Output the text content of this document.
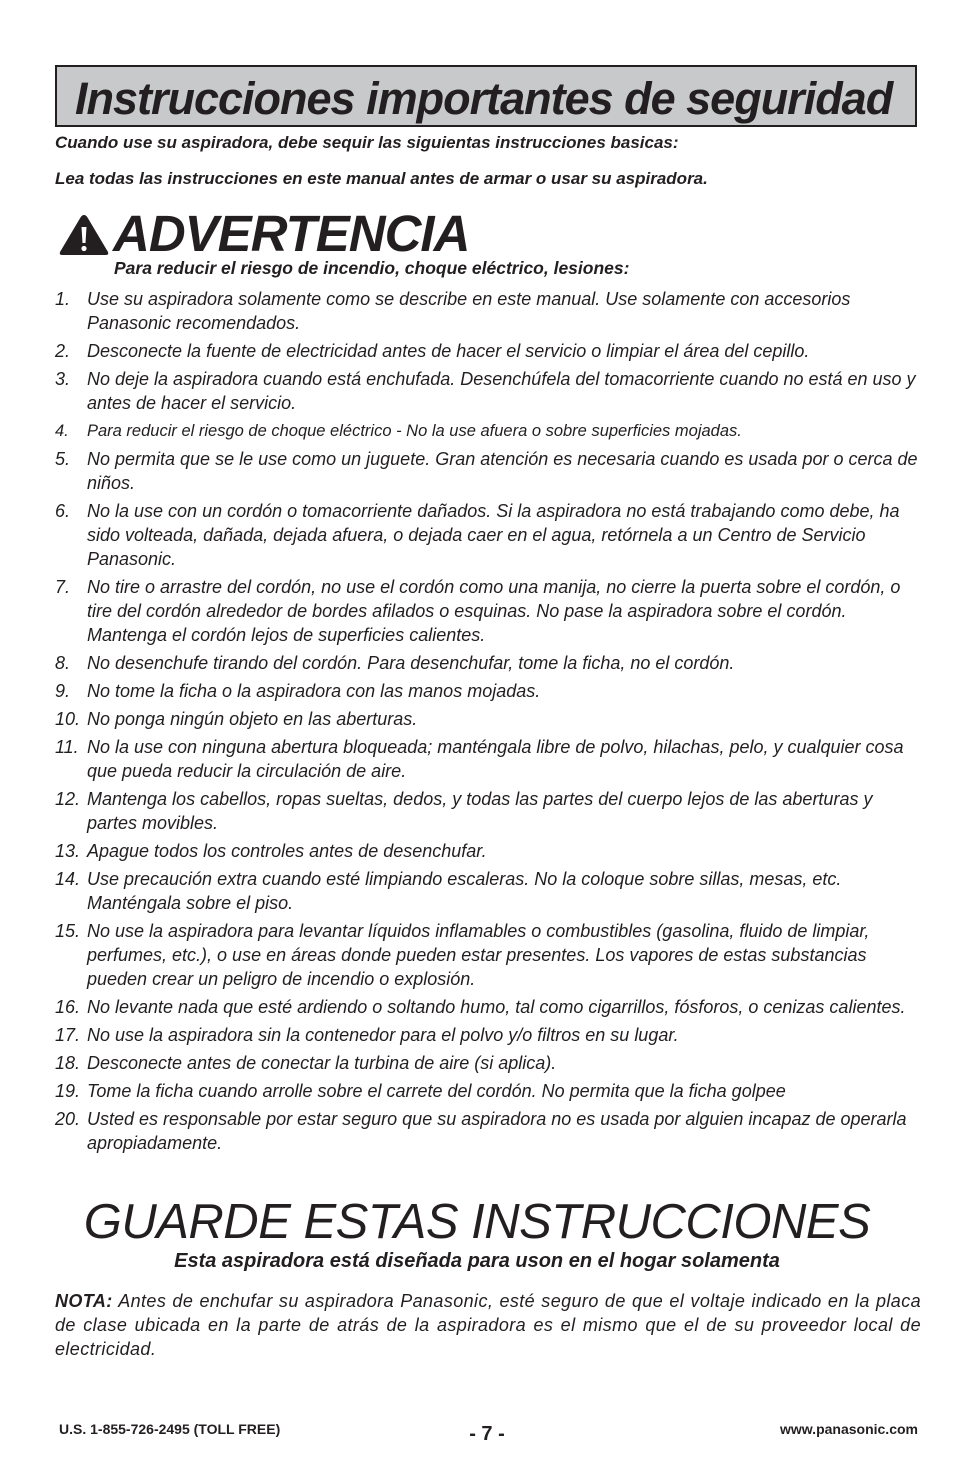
Instrucciones importantes de seguridad
Cuando use su aspiradora, debe sequir las siguientas instrucciones basicas:
Lea todas las instrucciones en este manual antes de armar o usar su aspiradora.
ADVERTENCIA
Para reducir el riesgo de incendio, choque eléctrico, lesiones:
1. Use su aspiradora solamente como se describe en este manual. Use solamente con accesorios Panasonic recomendados.
2. Desconecte la fuente de electricidad antes de hacer el servicio o limpiar el área del cepillo.
3. No deje la aspiradora cuando está enchufada. Desenchúfela del tomacorriente cuando no está en uso y antes de hacer el servicio.
4. Para reducir el riesgo de choque eléctrico - No la use afuera o sobre superficies mojadas.
5. No permita que se le use como un juguete. Gran atención es necesaria cuando es usada por o cerca de niños.
6. No la use con un cordón o tomacorriente dañados. Si la aspiradora no está trabajando como debe, ha sido volteada, dañada, dejada afuera, o dejada caer en el agua, retórnela a un Centro de Servicio Panasonic.
7. No tire o arrastre del cordón, no use el cordón como una manija, no cierre la puerta sobre el cordón, o tire del cordón alrededor de bordes afilados o esquinas. No pase la aspiradora sobre el cordón. Mantenga el cordón lejos de superficies calientes.
8. No desenchufe tirando del cordón. Para desenchufar, tome la ficha, no el cordón.
9. No tome la ficha o la aspiradora con las manos mojadas.
10. No ponga ningún objeto en las aberturas.
11. No la use con ninguna abertura bloqueada; manténgala libre de polvo, hilachas, pelo, y cualquier cosa que pueda reducir la circulación de aire.
12. Mantenga los cabellos, ropas sueltas, dedos, y todas las partes del cuerpo lejos de las aberturas y partes movibles.
13. Apague todos los controles antes de desenchufar.
14. Use precaución extra cuando esté limpiando escaleras. No la coloque sobre sillas, mesas, etc. Manténgala sobre el piso.
15. No use la aspiradora para levantar líquidos inflamables o combustibles (gasolina, fluido de limpiar, perfumes, etc.), o use en áreas donde pueden estar presentes. Los vapores de estas substancias pueden crear un peligro de incendio o explosión.
16. No levante nada que esté ardiendo o soltando humo, tal como cigarrillos, fósforos, o cenizas calientes.
17. No use la aspiradora sin la contenedor para el polvo y/o filtros en su lugar.
18. Desconecte antes de conectar la turbina de aire (si aplica).
19. Tome la ficha cuando arrolle sobre el carrete del cordón. No permita que la ficha golpee
20. Usted es responsable por estar seguro que su aspiradora no es usada por alguien incapaz de operarla apropiadamente.
GUARDE ESTAS INSTRUCCIONES
Esta aspiradora está diseñada para uson en el hogar solamenta
NOTA: Antes de enchufar su aspiradora Panasonic, esté seguro de que el voltaje indicado en la placa de clase ubicada en la parte de atrás de la aspiradora es el mismo que el de su proveedor local de electricidad.
U.S. 1-855-726-2495 (TOLL FREE)	- 7 -	www.panasonic.com
